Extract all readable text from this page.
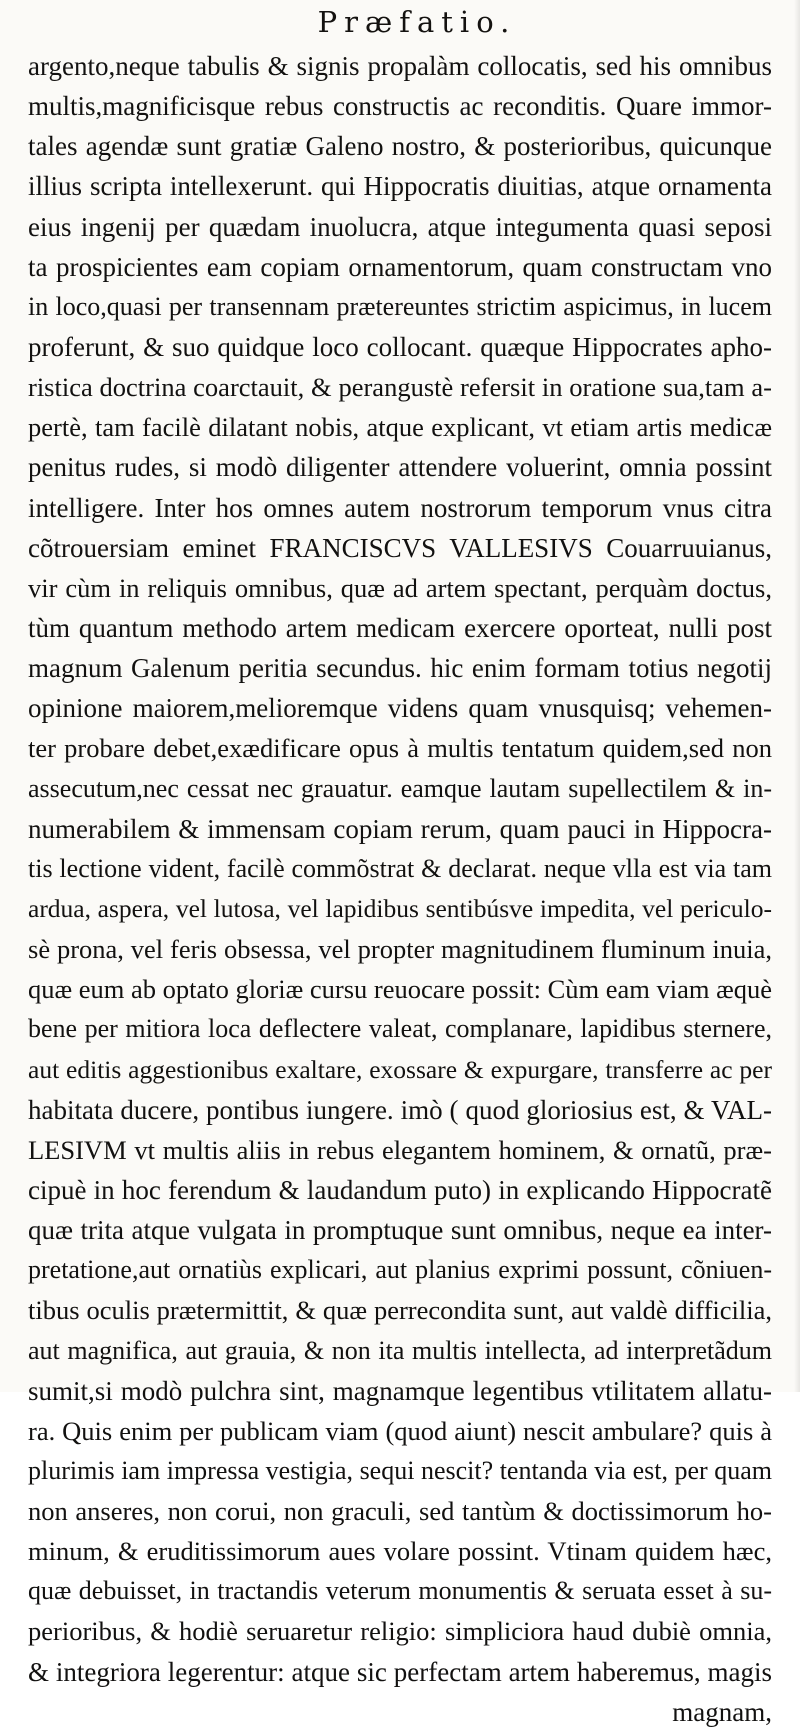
Præfatio.
argento,neque tabulis & signis propalàm collocatis, sed his omnibus
multis,magnificisque rebus constructis ac reconditis. Quare immor-
tales agendæ sunt gratiæ Galeno nostro, & posterioribus, quicunque
illius scripta intellexerunt. qui Hippocratis diuitias, atque ornamenta
eius ingenij per quædam inuolucra, atque integumenta quasi seposi
ta prospicientes eam copiam ornamentorum, quam constructam vno
in loco,quasi per transennam prætereuntes strictim aspicimus, in lucem
proferunt, & suo quidque loco collocant. quæque Hippocrates apho-
ristica doctrina coarctauit, & perangustè refersit in oratione sua,tam a-
pertè, tam facilè dilatant nobis, atque explicant, vt etiam artis medicæ
penitus rudes, si modò diligenter attendere voluerint, omnia possint
intelligere. Inter hos omnes autem nostrorum temporum vnus citra
cõtrouersiam eminet FRANCISCVS VALLESIVS Couarruuianus,
vir cùm in reliquis omnibus, quæ ad artem spectant, perquàm doctus,
tùm quantum methodo artem medicam exercere oporteat, nulli post
magnum Galenum peritia secundus. hic enim formam totius negotij
opinione maiorem,melioremque videns quam vnusquisq; vehemen-
ter probare debet,exædificare opus à multis tentatum quidem,sed non
assecutum,nec cessat nec grauatur. eamque lautam supellectilem & in-
numerabilem & immensam copiam rerum, quam pauci in Hippocra-
tis lectione vident, facilè commõstrat & declarat. neque vlla est via tam
ardua, aspera, vel lutosa, vel lapidibus sentibúsve impedita, vel periculo-
sè prona, vel feris obsessa, vel propter magnitudinem fluminum inuia,
quæ eum ab optato gloriæ cursu reuocare possit: Cùm eam viam æquè
bene per mitiora loca deflectere valeat, complanare, lapidibus sternere,
aut editis aggestionibus exaltare, exossare & expurgare, transferre ac per
habitata ducere, pontibus iungere. imò ( quod gloriosius est, & VAL-
LESIVM vt multis aliis in rebus elegantem hominem, & ornatũ, præ-
cipuè in hoc ferendum & laudandum puto) in explicando Hippocratẽ
quæ trita atque vulgata in promptuque sunt omnibus, neque ea inter-
pretatione,aut ornatiùs explicari, aut planius exprimi possunt, cõniuen-
tibus oculis prætermittit, & quæ perrecondita sunt, aut valdè difficilia,
aut magnifica, aut grauia, & non ita multis intellecta, ad interpretãdum
sumit,si modò pulchra sint, magnamque legentibus vtilitatem allatu-
ra. Quis enim per publicam viam (quod aiunt) nescit ambulare? quis à
plurimis iam impressa vestigia, sequi nescit? tentanda via est, per quam
non anseres, non corui, non graculi, sed tantùm & doctissimorum ho-
minum, & eruditissimorum aues volare possint. Vtinam quidem hæc,
quæ debuisset, in tractandis veterum monumentis & seruata esset à su-
perioribus, & hodiè seruaretur religio: simpliciora haud dubiè omnia,
& integriora legerentur: atque sic perfectam artem haberemus, magis
magnam,
